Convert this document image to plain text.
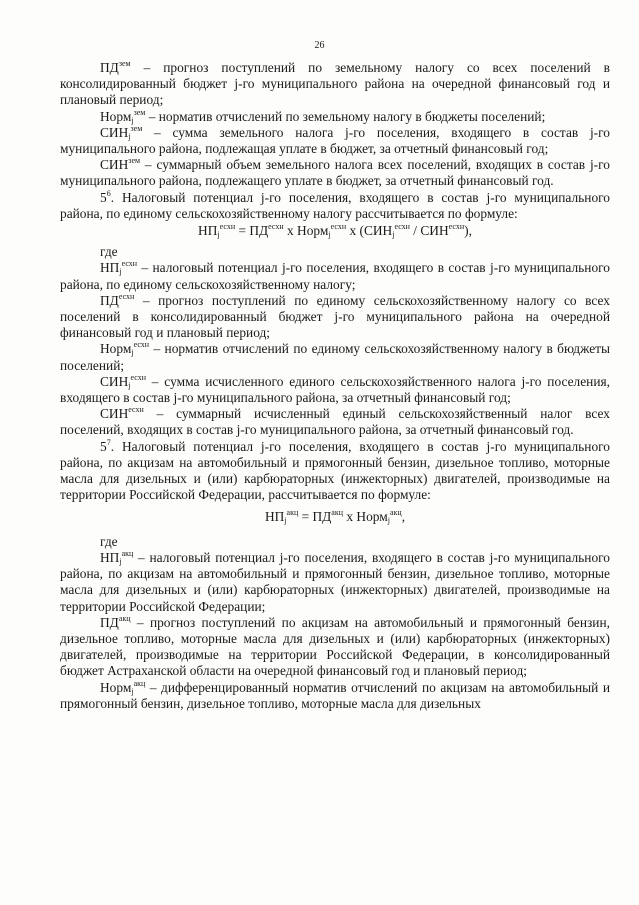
26

$ПД^{зем}$ – прогноз поступлений по земельному налогу со всех поселений в консолидированный бюджет j-го муниципального района на очередной финансовый год и плановый период;

Норм$_j^{зем}$ – норматив отчислений по земельному налогу в бюджеты поселений;

$СИН_j^{зем}$ – сумма земельного налога j-го поселения, входящего в состав j-го муниципального района, подлежащая уплате в бюджет, за отчетный финансовый год;

$СИН^{зем}$ – суммарный объем земельного налога всех поселений, входящих в состав j-го муниципального района, подлежащего уплате в бюджет, за отчетный финансовый год.

$5^6$. Налоговый потенциал j-го поселения, входящего в состав j-го муниципального района, по единому сельскохозяйственному налогу рассчитывается по формуле:

$НП_j^{есхн} = ПД^{есхн}$ х Норм$_j^{есхн}$ х $(СИН_j^{есхн} / СИН^{есхн})$,

где

$НП_j^{есхн}$ – налоговый потенциал j-го поселения, входящего в состав j-го муниципального района, по единому сельскохозяйственному налогу;

$ПД^{есхн}$ – прогноз поступлений по единому сельскохозяйственному налогу со всех поселений в консолидированный бюджет j-го муниципального района на очередной финансовый год и плановый период;

Норм$_j^{есхн}$ – норматив отчислений по единому сельскохозяйственному налогу в бюджеты поселений;

$СИН_j^{есхн}$ – сумма исчисленного единого сельскохозяйственного налога j-го поселения, входящего в состав j-го муниципального района, за отчетный финансовый год;

$СИН^{есхн}$ – суммарный исчисленный единый сельскохозяйственный налог всех поселений, входящих в состав j-го муниципального района, за отчетный финансовый год.

$5^7$. Налоговый потенциал j-го поселения, входящего в состав j-го муниципального района, по акцизам на автомобильный и прямогонный бензин, дизельное топливо, моторные масла для дизельных и (или) карбюраторных (инжекторных) двигателей, производимые на территории Российской Федерации, рассчитывается по формуле:

$НП_j^{акц} = ПД^{акц}$ х Норм$_j^{акц}$,

где

$НП_j^{акц}$ – налоговый потенциал j-го поселения, входящего в состав j-го муниципального района, по акцизам на автомобильный и прямогонный бензин, дизельное топливо, моторные масла для дизельных и (или) карбюраторных (инжекторных) двигателей, производимые на территории Российской Федерации;

$ПД^{акц}$ – прогноз поступлений по акцизам на автомобильный и прямогонный бензин, дизельное топливо, моторные масла для дизельных и (или) карбюраторных (инжекторных) двигателей, производимые на территории Российской Федерации, в консолидированный бюджет Астраханской области на очередной финансовый год и плановый период;

Норм$_j^{акц}$ – дифференцированный норматив отчислений по акцизам на автомобильный и прямогонный бензин, дизельное топливо, моторные масла для дизельных
